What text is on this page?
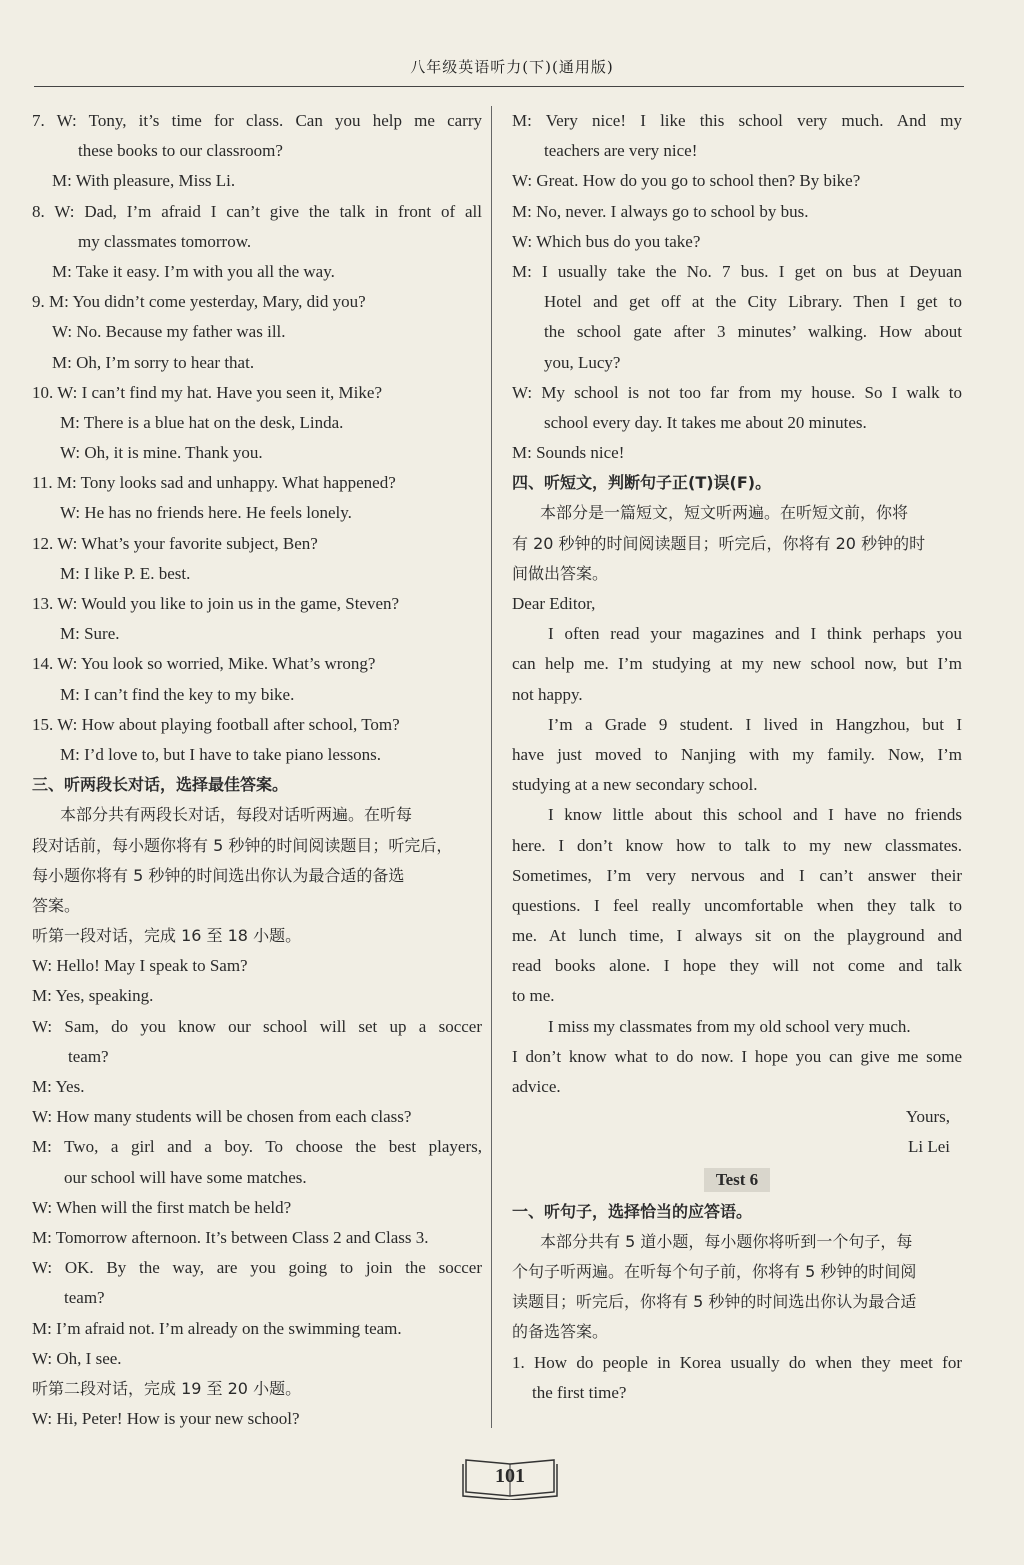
八年级英语听力(下)(通用版)
7. W: Tony, it’s time for class. Can you help me carry
these books to our classroom?
M: With pleasure, Miss Li.
8. W: Dad, I’m afraid I can’t give the talk in front of all
my classmates tomorrow.
M: Take it easy. I’m with you all the way.
9. M: You didn’t come yesterday, Mary, did you?
W: No. Because my father was ill.
M: Oh, I’m sorry to hear that.
10. W: I can’t find my hat. Have you seen it, Mike?
M: There is a blue hat on the desk, Linda.
W: Oh, it is mine. Thank you.
11. M: Tony looks sad and unhappy. What happened?
W: He has no friends here. He feels lonely.
12. W: What’s your favorite subject, Ben?
M: I like P. E. best.
13. W: Would you like to join us in the game, Steven?
M: Sure.
14. W: You look so worried, Mike. What’s wrong?
M: I can’t find the key to my bike.
15. W: How about playing football after school, Tom?
M: I’d love to, but I have to take piano lessons.
三、听两段长对话，选择最佳答案。
本部分共有两段长对话，每段对话听两遍。在听每
段对话前，每小题你将有 5 秒钟的时间阅读题目；听完后，
每小题你将有 5 秒钟的时间选出你认为最合适的备选
答案。
听第一段对话，完成 16 至 18 小题。
W: Hello! May I speak to Sam?
M: Yes, speaking.
W: Sam, do you know our school will set up a soccer
team?
M: Yes.
W: How many students will be chosen from each class?
M: Two, a girl and a boy. To choose the best players,
our school will have some matches.
W: When will the first match be held?
M: Tomorrow afternoon. It’s between Class 2 and Class 3.
W: OK. By the way, are you going to join the soccer
team?
M: I’m afraid not. I’m already on the swimming team.
W: Oh, I see.
听第二段对话，完成 19 至 20 小题。
W: Hi, Peter! How is your new school?
M: Very nice! I like this school very much. And my
teachers are very nice!
W: Great. How do you go to school then? By bike?
M: No, never. I always go to school by bus.
W: Which bus do you take?
M: I usually take the No. 7 bus. I get on bus at Deyuan
Hotel and get off at the City Library. Then I get to
the school gate after 3 minutes’ walking. How about
you, Lucy?
W: My school is not too far from my house. So I walk to
school every day. It takes me about 20 minutes.
M: Sounds nice!
四、听短文，判断句子正(T)误(F)。
本部分是一篇短文，短文听两遍。在听短文前，你将
有 20 秒钟的时间阅读题目；听完后，你将有 20 秒钟的时
间做出答案。
Dear Editor,
I often read your magazines and I think perhaps you
can help me. I’m studying at my new school now, but I’m
not happy.
I’m a Grade 9 student. I lived in Hangzhou, but I
have just moved to Nanjing with my family. Now, I’m
studying at a new secondary school.
I know little about this school and I have no friends
here. I don’t know how to talk to my new classmates.
Sometimes, I’m very nervous and I can’t answer their
questions. I feel really uncomfortable when they talk to
me. At lunch time, I always sit on the playground and
read books alone. I hope they will not come and talk
to me.
I miss my classmates from my old school very much.
I don’t know what to do now. I hope you can give me some
advice.
Yours,
Li Lei
Test 6
一、听句子，选择恰当的应答语。
本部分共有 5 道小题，每小题你将听到一个句子，每
个句子听两遍。在听每个句子前，你将有 5 秒钟的时间阅
读题目；听完后，你将有 5 秒钟的时间选出你认为最合适
的备选答案。
1. How do people in Korea usually do when they meet for
the first time?
101
